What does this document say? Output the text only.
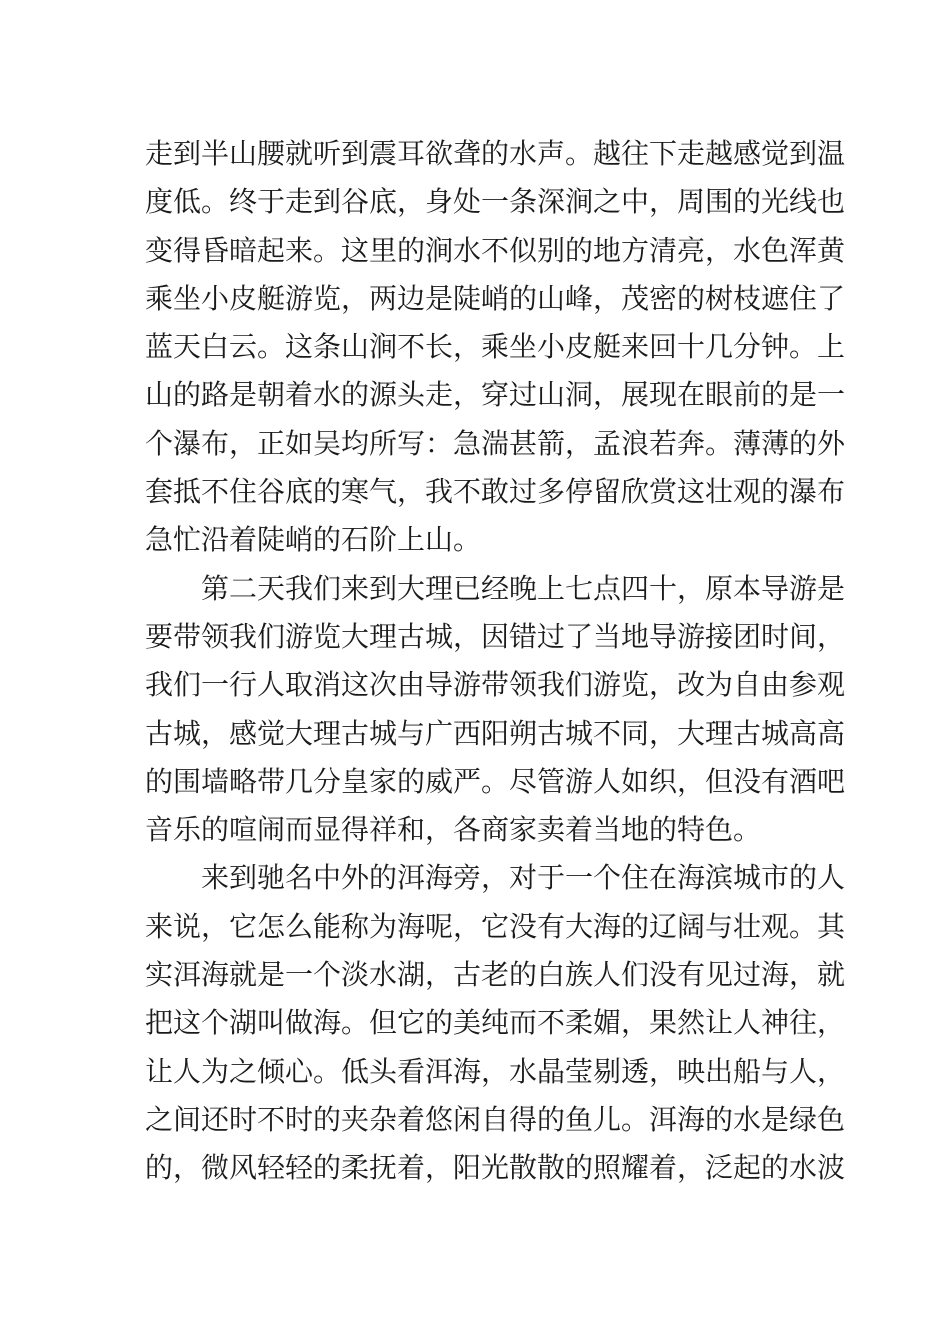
走到半山腰就听到震耳欲聋的水声。越往下走越感觉到温
度低。终于走到谷底，身处一条深涧之中，周围的光线也
变得昏暗起来。这里的涧水不似别的地方清亮，水色浑黄
乘坐小皮艇游览，两边是陡峭的山峰，茂密的树枝遮住了
蓝天白云。这条山涧不长，乘坐小皮艇来回十几分钟。上
山的路是朝着水的源头走，穿过山洞，展现在眼前的是一
个瀑布，正如吴均所写：急湍甚箭，孟浪若奔。薄薄的外
套抵不住谷底的寒气，我不敢过多停留欣赏这壮观的瀑布
急忙沿着陡峭的石阶上山。
第二天我们来到大理已经晚上七点四十，原本导游是
要带领我们游览大理古城，因错过了当地导游接团时间，
我们一行人取消这次由导游带领我们游览，改为自由参观
古城，感觉大理古城与广西阳朔古城不同，大理古城高高
的围墙略带几分皇家的威严。尽管游人如织，但没有酒吧
音乐的喧闹而显得祥和，各商家卖着当地的特色。
来到驰名中外的洱海旁，对于一个住在海滨城市的人
来说，它怎么能称为海呢，它没有大海的辽阔与壮观。其
实洱海就是一个淡水湖，古老的白族人们没有见过海，就
把这个湖叫做海。但它的美纯而不柔媚，果然让人神往，
让人为之倾心。低头看洱海，水晶莹剔透，映出船与人，
之间还时不时的夹杂着悠闲自得的鱼儿。洱海的水是绿色
的，微风轻轻的柔抚着，阳光散散的照耀着，泛起的水波
